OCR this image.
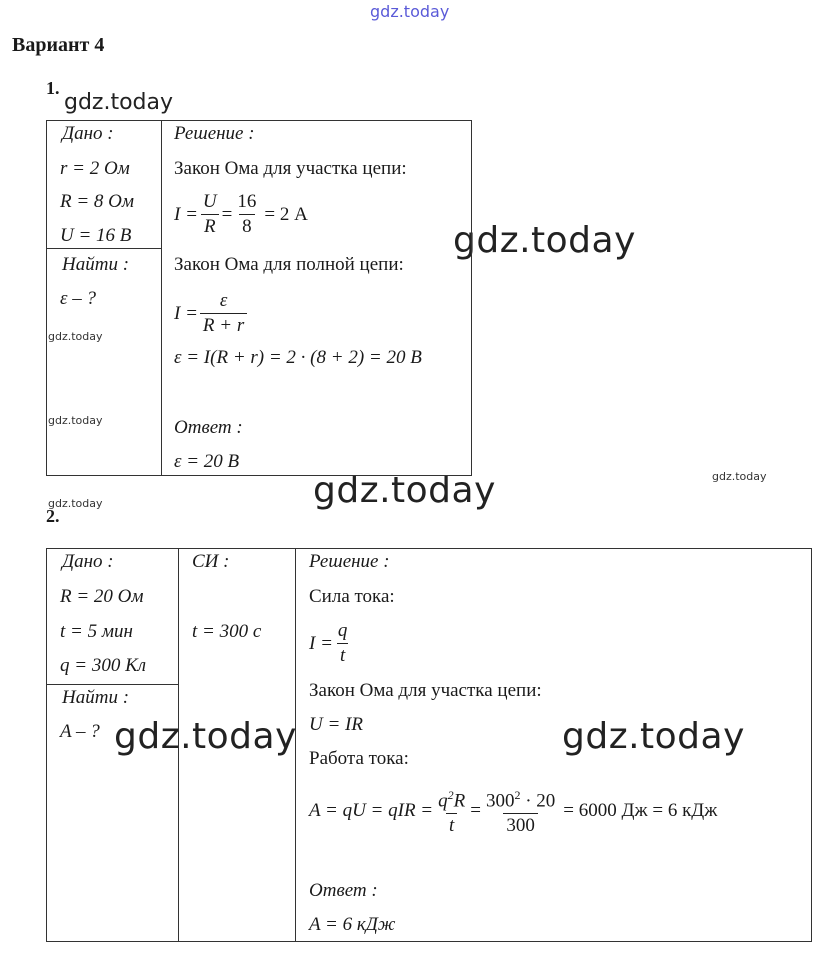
gdz.today
gdz.today
gdz.today
gdz.today
gdz.today
gdz.today
gdz.today
gdz.today
Вариант 4
1.
Дано :
r = 2 Ом
R = 8 Ом
U = 16 В
Найти :
ε – ?
Решение :
Закон Ома для участка цепи:
$I = \frac{U}{R} = \frac{16}{8} = 2$ А
Закон Ома для полной цепи:
$I = \frac{\varepsilon}{R + r}$
ε = I(R + r) = 2 · (8 + 2) = 20 В
Ответ :
ε = 20 В
2.
Дано :
R = 20 Ом
t = 5 мин
q = 300 Кл
СИ :
t = 300 с
Найти :
A – ?
Решение :
Сила тока:
$I = \frac{q}{t}$
Закон Ома для участка цепи:
U = IR
Работа тока:
A = qU = qIR = $\frac{q^2R}{t} = \frac{300^2 \cdot 20}{300} = 6000$ Дж = 6 кДж
Ответ :
A = 6 кДж
gdz.today	gdz.today
